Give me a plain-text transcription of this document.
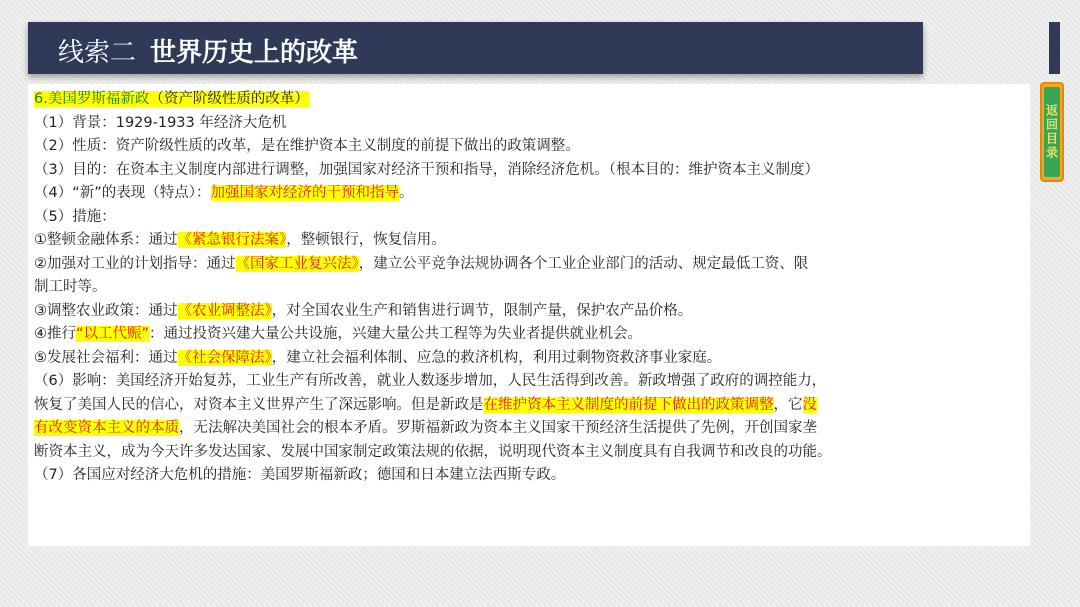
线索二 世界历史上的改革
返回目录
6.美国罗斯福新政（资产阶级性质的改革）
（1）背景：1929-1933 年经济大危机
（2）性质：资产阶级性质的改革，是在维护资本主义制度的前提下做出的政策调整。
（3）目的：在资本主义制度内部进行调整，加强国家对经济干预和指导，消除经济危机。（根本目的：维护资本主义制度）
（4）“新”的表现（特点）：加强国家对经济的干预和指导。
（5）措施：
①整顿金融体系：通过《紧急银行法案》，整顿银行，恢复信用。
②加强对工业的计划指导：通过《国家工业复兴法》，建立公平竞争法规协调各个工业企业部门的活动、规定最低工资、限
制工时等。
③调整农业政策：通过《农业调整法》，对全国农业生产和销售进行调节，限制产量，保护农产品价格。
④推行“以工代赈”：通过投资兴建大量公共设施，兴建大量公共工程等为失业者提供就业机会。
⑤发展社会福利：通过《社会保障法》，建立社会福利体制、应急的救济机构，利用过剩物资救济事业家庭。
（6）影响：美国经济开始复苏，工业生产有所改善，就业人数逐步增加，人民生活得到改善。新政增强了政府的调控能力，
恢复了美国人民的信心，对资本主义世界产生了深远影响。但是新政是在维护资本主义制度的前提下做出的政策调整，它没
有改变资本主义的本质，无法解决美国社会的根本矛盾。罗斯福新政为资本主义国家干预经济生活提供了先例，开创国家垄
断资本主义，成为今天许多发达国家、发展中国家制定政策法规的依据，说明现代资本主义制度具有自我调节和改良的功能。
（7）各国应对经济大危机的措施：美国罗斯福新政；德国和日本建立法西斯专政。
